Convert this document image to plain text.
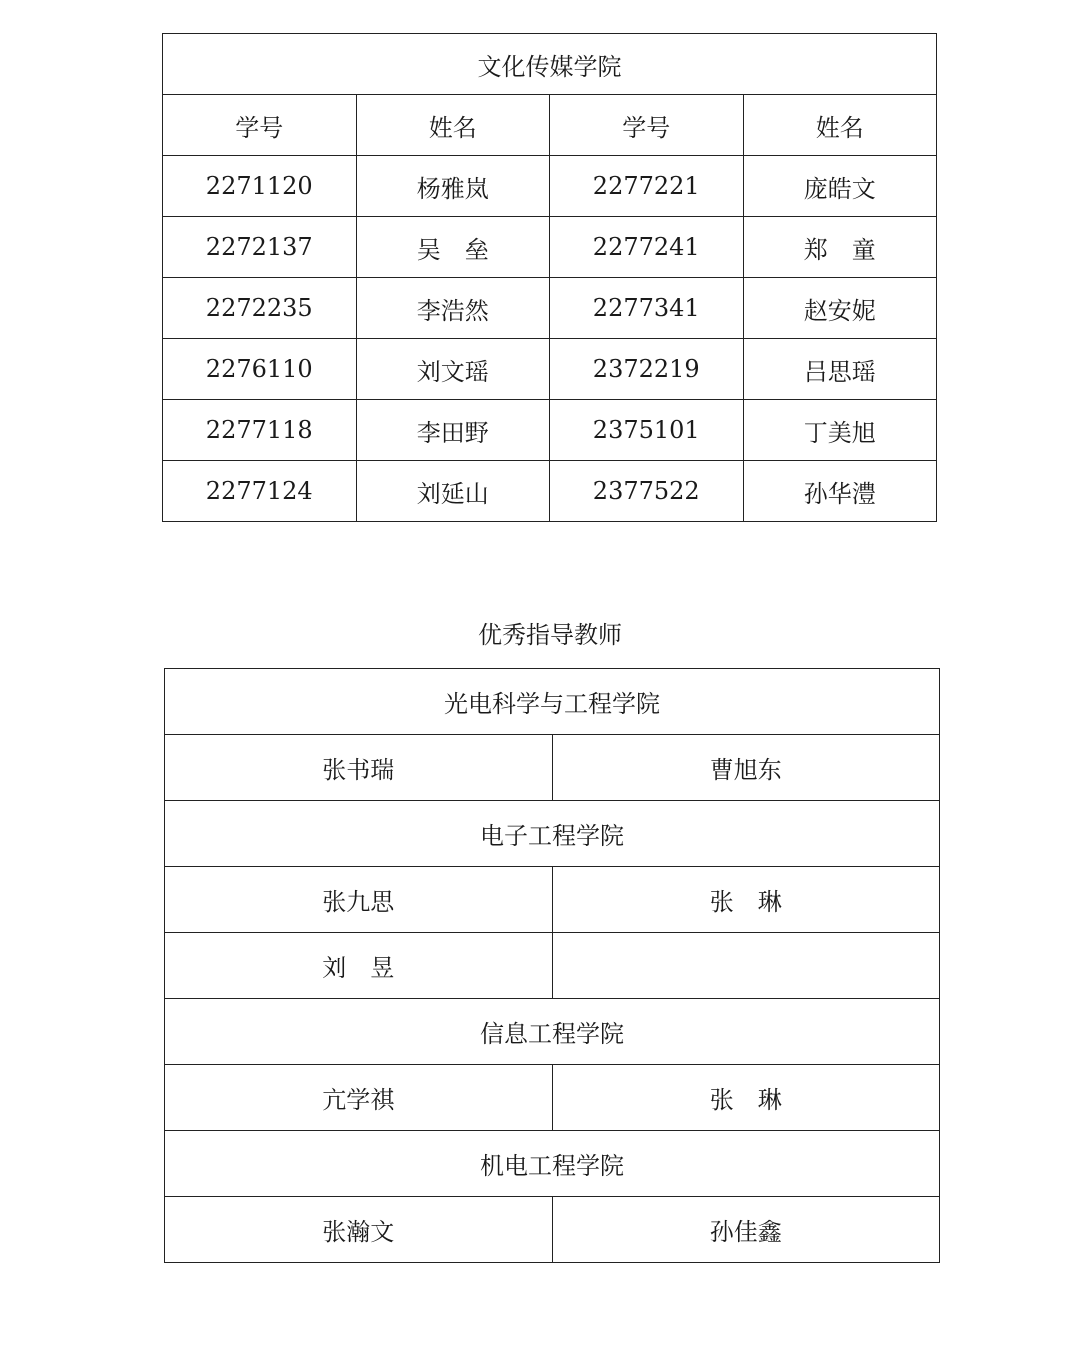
文化传媒学院			
学号	姓名	学号	姓名
2271120	杨雅岚	2277221	庞皓文
2272137	吴　垒	2277241	郑　童
2272235	李浩然	2277341	赵安妮
2276110	刘文瑶	2372219	吕思瑶
2277118	李田野	2375101	丁美旭
2277124	刘延山	2377522	孙华澧
优秀指导教师
光电科学与工程学院	
张书瑞	曹旭东
电子工程学院	
张九思	张　琳
刘　昱	
信息工程学院	
亢学祺	张　琳
机电工程学院	
张瀚文	孙佳鑫
